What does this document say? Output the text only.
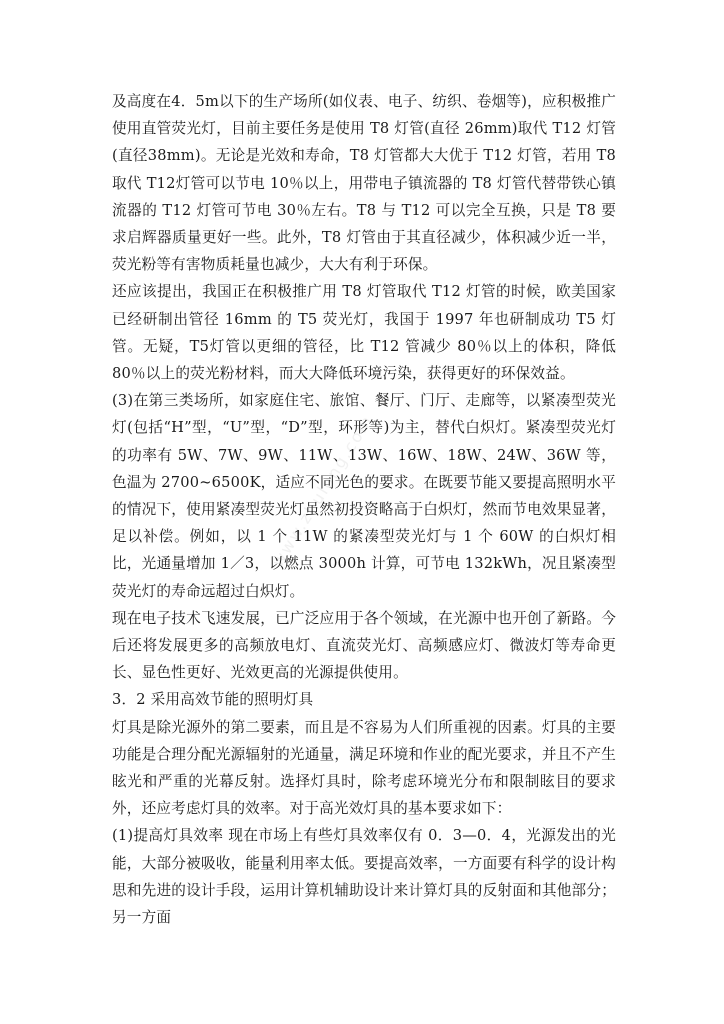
www.zhulong.com

及高度在4．5m以下的生产场所(如仪表、电子、纺织、卷烟等)，应积极推广使用直管荧光灯，目前主要任务是使用 T8 灯管(直径 26mm)取代 T12 灯管(直径38mm)。无论是光效和寿命，T8 灯管都大大优于 T12 灯管，若用 T8 取代 T12灯管可以节电 10％以上，用带电子镇流器的 T8 灯管代替带铁心镇流器的 T12 灯管可节电 30％左右。T8 与 T12 可以完全互换，只是 T8 要求启辉器质量更好一些。此外，T8 灯管由于其直径减少，体积减少近一半，荧光粉等有害物质耗量也减少，大大有利于环保。

还应该提出，我国正在积极推广用 T8 灯管取代 T12 灯管的时候，欧美国家已经研制出管径 16mm 的 T5 荧光灯，我国于 1997 年也研制成功 T5 灯管。无疑，T5灯管以更细的管径，比 T12 管减少 80％以上的体积，降低 80％以上的荧光粉材料，而大大降低环境污染，获得更好的环保效益。

(3)在第三类场所，如家庭住宅、旅馆、餐厅、门厅、走廊等，以紧凑型荧光灯(包括“H”型，“U”型，“D”型，环形等)为主，替代白炽灯。紧凑型荧光灯的功率有 5W、7W、9W、11W、13W、16W、18W、24W、36W 等，色温为 2700~6500K，适应不同光色的要求。在既要节能又要提高照明水平的情况下，使用紧凑型荧光灯虽然初投资略高于白炽灯，然而节电效果显著，足以补偿。例如，以 1 个 11W 的紧凑型荧光灯与 1 个 60W 的白炽灯相比，光通量增加 1／3，以燃点 3000h 计算，可节电 132kWh，况且紧凑型荧光灯的寿命远超过白炽灯。

现在电子技术飞速发展，已广泛应用于各个领域，在光源中也开创了新路。今后还将发展更多的高频放电灯、直流荧光灯、高频感应灯、微波灯等寿命更长、显色性更好、光效更高的光源提供使用。

3．2 采用高效节能的照明灯具

灯具是除光源外的第二要素，而且是不容易为人们所重视的因素。灯具的主要功能是合理分配光源辐射的光通量，满足环境和作业的配光要求，并且不产生眩光和严重的光幕反射。选择灯具时，除考虑环境光分布和限制眩目的要求外，还应考虑灯具的效率。对于高光效灯具的基本要求如下：

(1)提高灯具效率 现在市场上有些灯具效率仅有 0．3—0．4，光源发出的光能，大部分被吸收，能量利用率太低。要提高效率，一方面要有科学的设计构思和先进的设计手段，运用计算机辅助设计来计算灯具的反射面和其他部分；另一方面
